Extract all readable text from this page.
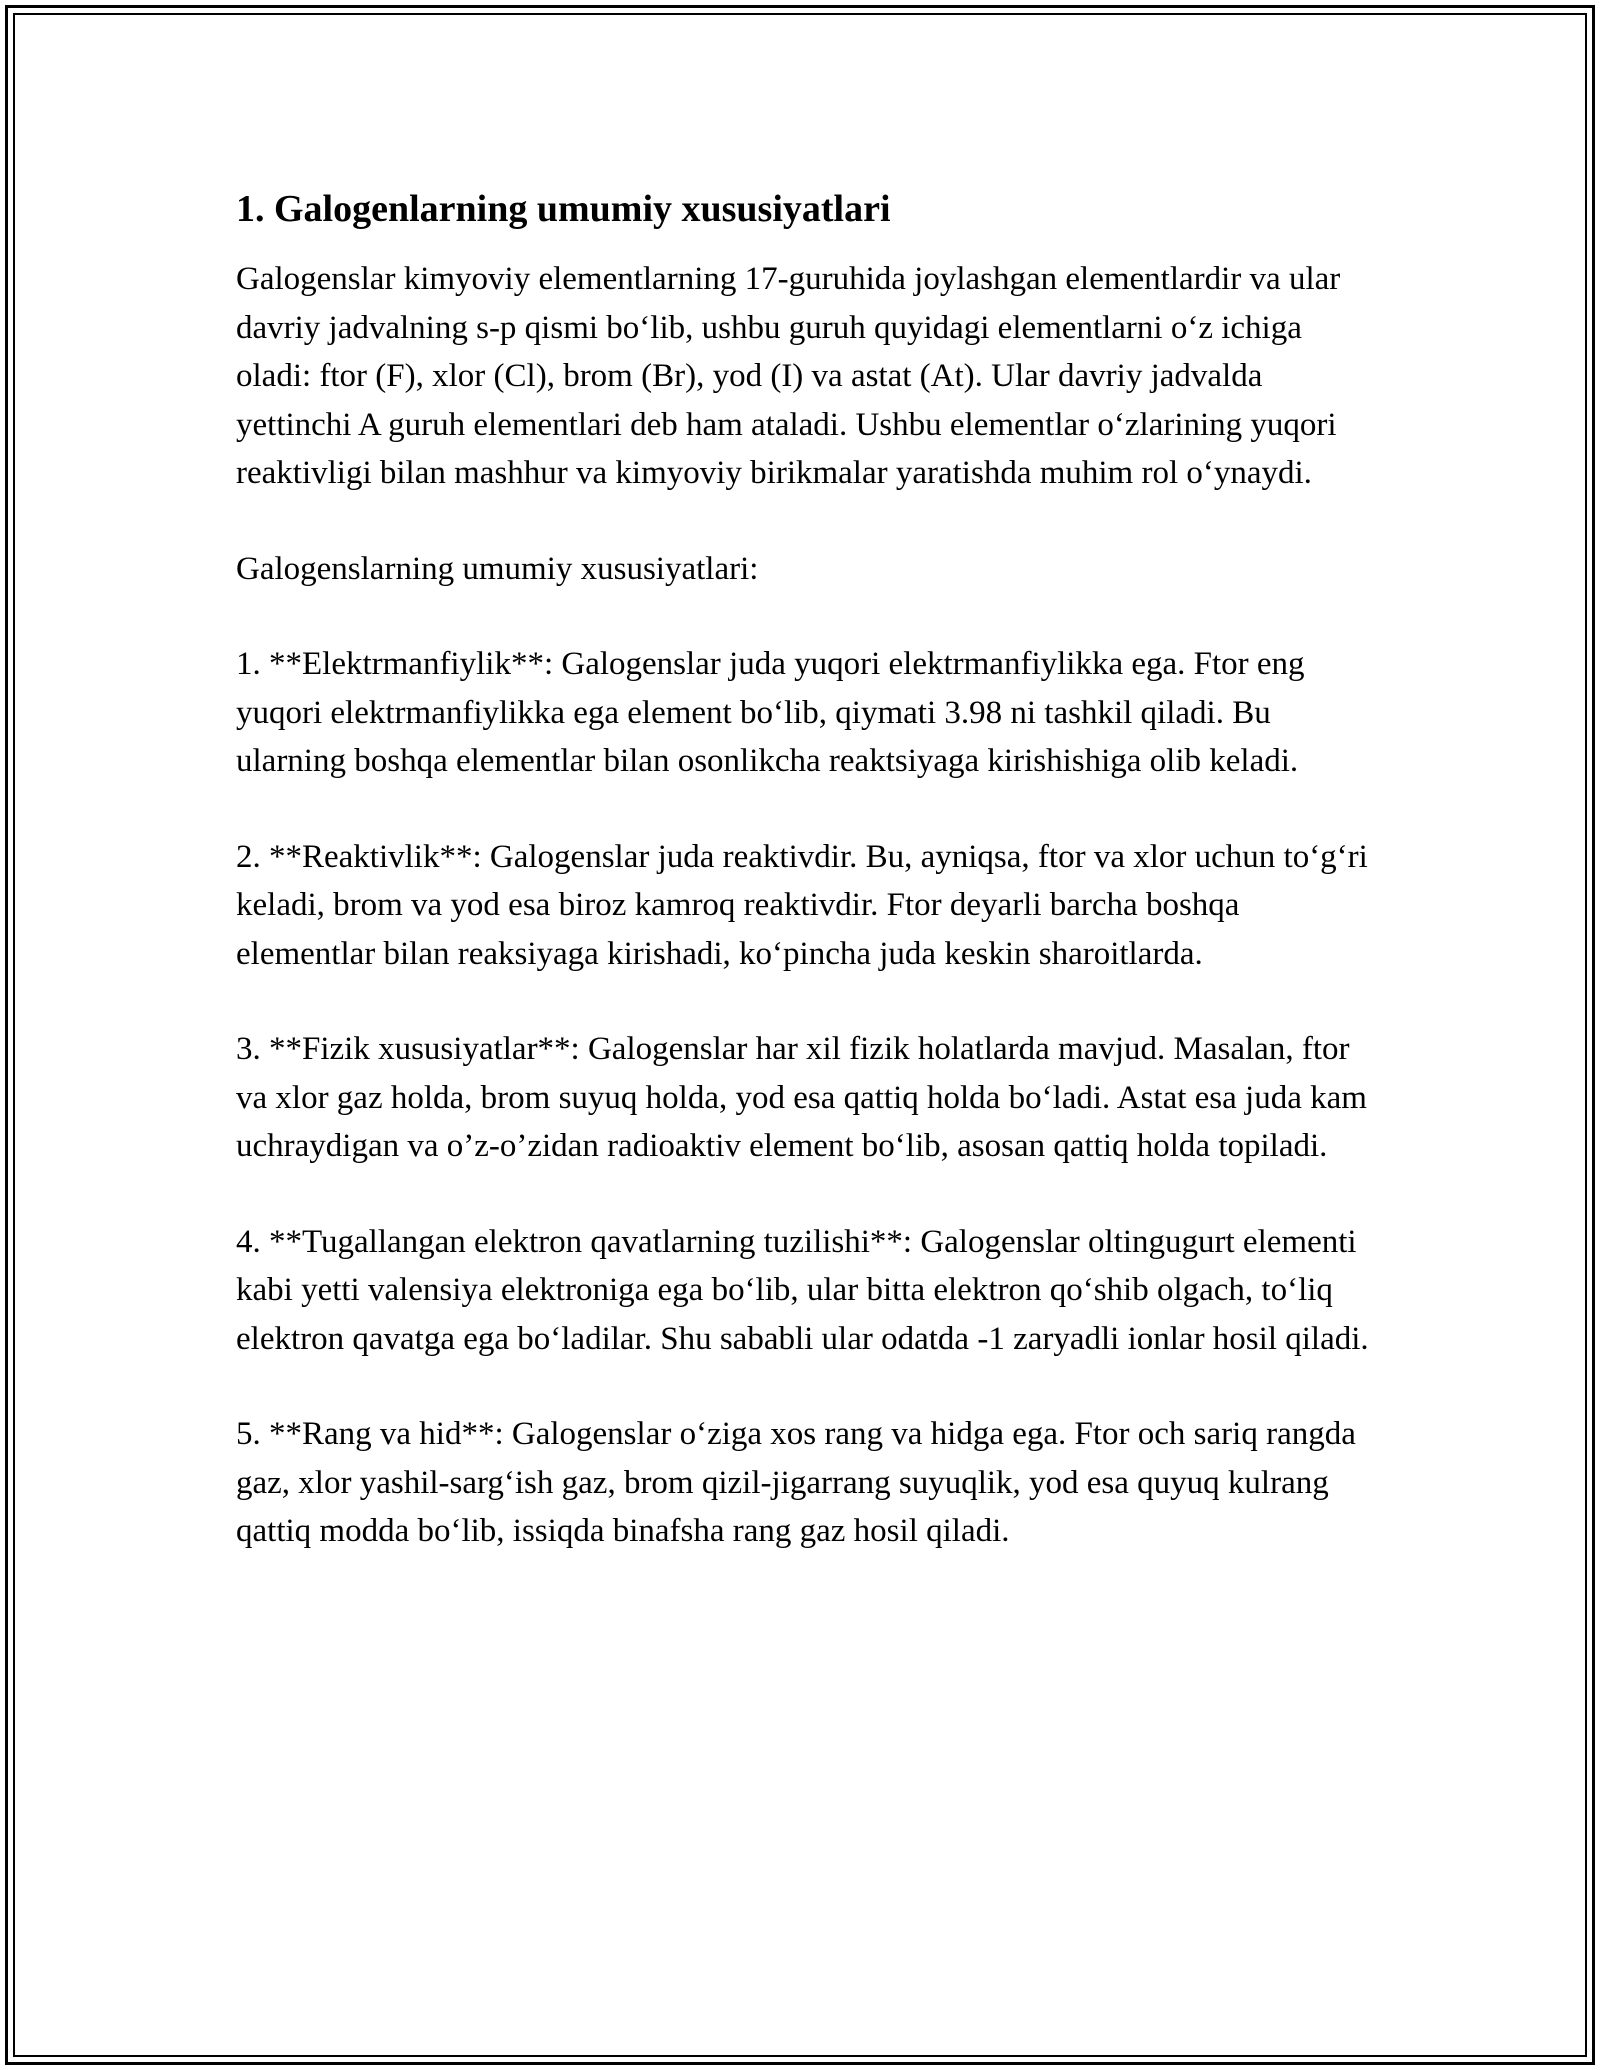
1. Galogenlarning umumiy xususiyatlari

Galogenslar kimyoviy elementlarning 17-guruhida joylashgan elementlardir va ular davriy jadvalning s-p qismi bo‘lib, ushbu guruh quyidagi elementlarni o‘z ichiga oladi: ftor (F), xlor (Cl), brom (Br), yod (I) va astat (At). Ular davriy jadvalda yettinchi A guruh elementlari deb ham ataladi. Ushbu elementlar o‘zlarining yuqori reaktivligi bilan mashhur va kimyoviy birikmalar yaratishda muhim rol o‘ynaydi.

Galogenslarning umumiy xususiyatlari:

1. **Elektrmanfiylik**: Galogenslar juda yuqori elektrmanfiylikka ega. Ftor eng yuqori elektrmanfiylikka ega element bo‘lib, qiymati 3.98 ni tashkil qiladi. Bu ularning boshqa elementlar bilan osonlikcha reaktsiyaga kirishishiga olib keladi.

2. **Reaktivlik**: Galogenslar juda reaktivdir. Bu, ayniqsa, ftor va xlor uchun to‘g‘ri keladi, brom va yod esa biroz kamroq reaktivdir. Ftor deyarli barcha boshqa elementlar bilan reaksiyaga kirishadi, ko‘pincha juda keskin sharoitlarda.

3. **Fizik xususiyatlar**: Galogenslar har xil fizik holatlarda mavjud. Masalan, ftor va xlor gaz holda, brom suyuq holda, yod esa qattiq holda bo‘ladi. Astat esa juda kam uchraydigan va o’z-o’zidan radioaktiv element bo‘lib, asosan qattiq holda topiladi.

4. **Tugallangan elektron qavatlarning tuzilishi**: Galogenslar oltingugurt elementi kabi yetti valensiya elektroniga ega bo‘lib, ular bitta elektron qo‘shib olgach, to‘liq elektron qavatga ega bo‘ladilar. Shu sababli ular odatda -1 zaryadli ionlar hosil qiladi.

5. **Rang va hid**: Galogenslar o‘ziga xos rang va hidga ega. Ftor och sariq rangda gaz, xlor yashil-sarg‘ish gaz, brom qizil-jigarrang suyuqlik, yod esa quyuq kulrang qattiq modda bo‘lib, issiqda binafsha rang gaz hosil qiladi.
